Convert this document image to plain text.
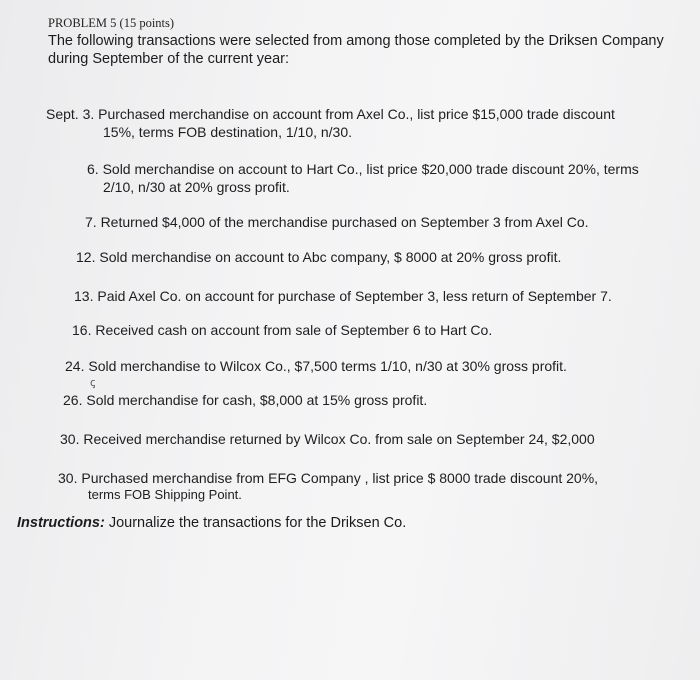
PROBLEM 5 (15 points)
The following transactions were selected from among those completed by the Driksen Company
during September of the current year:
Sept. 3. Purchased merchandise on account from Axel Co., list price $15,000 trade discount
15%, terms FOB destination, 1/10, n/30.
6. Sold merchandise on account to Hart Co., list price $20,000 trade discount 20%, terms
2/10, n/30 at 20% gross profit.
7. Returned $4,000 of the merchandise purchased on September 3 from Axel Co.
12. Sold merchandise on account to Abc company, $ 8000 at 20% gross profit.
13. Paid Axel Co. on account for purchase of September 3, less return of September 7.
16. Received cash on account from sale of September 6 to Hart Co.
24. Sold merchandise to Wilcox Co., $7,500 terms 1/10, n/30 at 30% gross profit.
ꞔ
26. Sold merchandise for cash, $8,000 at 15% gross profit.
30. Received merchandise returned by Wilcox Co. from sale on September 24, $2,000
30. Purchased merchandise from EFG Company , list price $ 8000 trade discount 20%,
terms FOB Shipping Point.
Instructions: Journalize the transactions for the Driksen Co.
